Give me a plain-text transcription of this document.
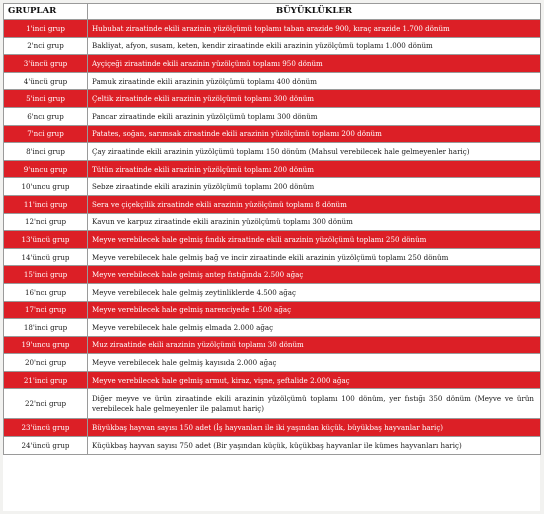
GRUPLAR	BÜYÜKLÜKLER
1'inci grup	Hububat ziraatinde ekili arazinin yüzölçümü toplamı taban arazide 900, kıraç arazide 1.700 dönüm
2'nci grup	Bakliyat, afyon, susam, keten, kendir ziraatinde ekili arazinin yüzölçümü toplamı 1.000 dönüm
3'üncü grup	Ayçiçeği ziraatinde ekili arazinin yüzölçümü toplamı 950 dönüm
4'üncü grup	Pamuk ziraatinde ekili arazinin yüzölçümü toplamı 400 dönüm
5'inci grup	Çeltik ziraatinde ekili arazinin yüzölçümü toplamı 300 dönüm
6'ncı grup	Pancar ziraatinde ekili arazinin yüzölçümü toplamı 300 dönüm
7'nci grup	Patates, soğan, sarımsak ziraatinde ekili arazinin yüzölçümü toplamı 200 dönüm
8'inci grup	Çay ziraatinde ekili arazinin yüzölçümü toplamı 150 dönüm (Mahsul verebilecek hale gelmeyenler hariç)
9'uncu grup	Tütün ziraatinde ekili arazinin yüzölçümü toplamı 200 dönüm
10'uncu grup	Sebze ziraatinde ekili arazinin yüzölçümü toplamı 200 dönüm
11'inci grup	Sera ve çiçekçilik ziraatinde ekili arazinin yüzölçümü toplamı 8 dönüm
12'nci grup	Kavun ve karpuz ziraatinde ekili arazinin yüzölçümü toplamı 300 dönüm
13'üncü grup	Meyve verebilecek hale gelmiş fındık ziraatinde ekili arazinin yüzölçümü toplamı 250 dönüm
14'üncü grup	Meyve verebilecek hale gelmiş bağ ve incir ziraatinde ekili arazinin yüzölçümü toplamı 250 dönüm
15'inci grup	Meyve verebilecek hale gelmiş antep fıstığında 2.500 ağaç
16'ncı grup	Meyve verebilecek hale gelmiş zeytinliklerde 4.500 ağaç
17'nci grup	Meyve verebilecek hale gelmiş narenciyede 1.500 ağaç
18'inci grup	Meyve verebilecek hale gelmiş elmada 2.000 ağaç
19'uncu grup	Muz ziraatinde ekili arazinin yüzölçümü toplamı 30 dönüm
20'nci grup	Meyve verebilecek hale gelmiş kayısıda 2.000 ağaç
21'inci grup	Meyve verebilecek hale gelmiş armut, kiraz, vişne, şeftalide 2.000 ağaç
22'nci grup	Diğer meyve ve ürün ziraatinde ekili arazinin yüzölçümü toplamı 100 dönüm, yer fıstığı 350 dönüm (Meyve ve ürün verebilecek hale gelmeyenler ile palamut hariç)
23'üncü grup	Büyükbaş hayvan sayısı 150 adet (İş hayvanları ile iki yaşından küçük, büyükbaş hayvanlar hariç)
24'üncü grup	Küçükbaş hayvan sayısı 750 adet (Bir yaşından küçük, küçükbaş hayvanlar ile kümes hayvanları hariç)
